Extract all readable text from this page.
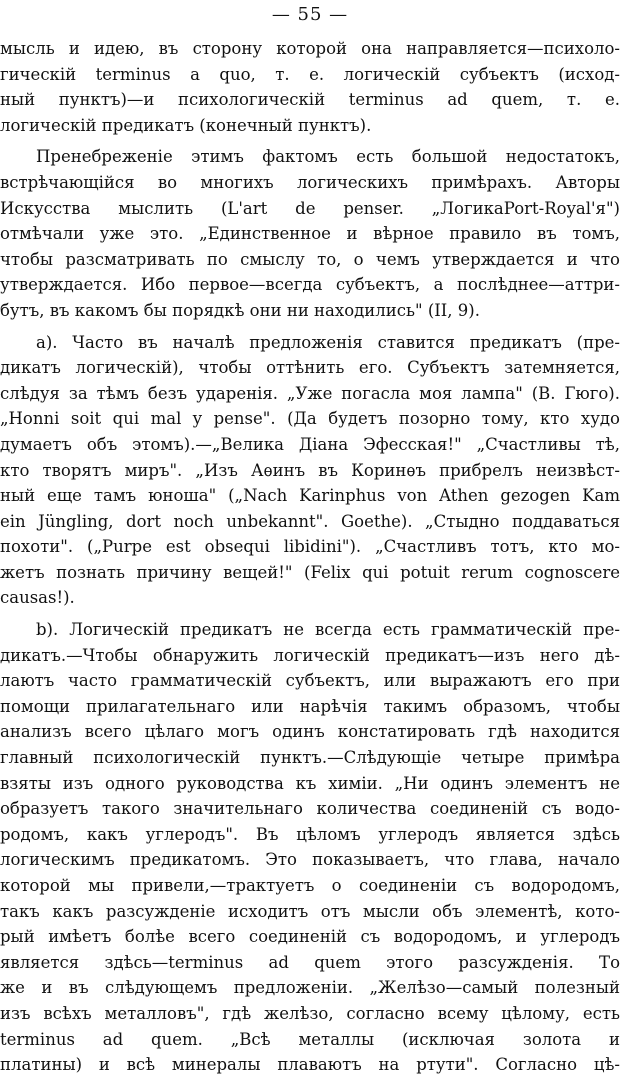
— 55 —
мысль и идею, въ сторону которой она направляется—психоло-
гическій terminus a quo, т. е. логическій субъектъ (исход-
ный пунктъ)—и психологическій terminus ad quem, т. е.
логическій предикатъ (конечный пунктъ).
Пренебреженіе этимъ фактомъ есть большой недостатокъ,
встрѣчающійся во многихъ логическихъ примѣрахъ. Авторы
Искусства мыслить (L'art de penser. „ЛогикаPort-Royal'я")
отмѣчали уже это. „Единственное и вѣрное правило въ томъ,
чтобы разсматривать по смыслу то, о чемъ утверждается и что
утверждается. Ибо первое—всегда субъектъ, а послѣднее—аттри-
бутъ, въ какомъ бы порядкѣ они ни находились" (II, 9).
a). Часто въ началѣ предложенія ставится предикатъ (пре-
дикатъ логическій), чтобы оттѣнить его. Субъектъ затемняется,
слѣдуя за тѣмъ безъ ударенія. „Уже погасла моя лампа" (В. Гюго).
„Honni soit qui mal y pense". (Да будетъ позорно тому, кто худо
думаетъ объ этомъ).—„Велика Діана Эфесская!" „Счастливы тѣ,
кто творятъ миръ". „Изъ Аѳинъ въ Коринѳъ прибрелъ неизвѣст-
ный еще тамъ юноша" („Nach Karinphus von Athen gezogen Kam
ein Jüngling, dort noch unbekannt". Goethe). „Стыдно поддаваться
похоти". („Purpe est obsequi libidini"). „Счастливъ тотъ, кто мо-
жетъ познать причину вещей!" (Felix qui potuit rerum cognoscere
causas!).
b). Логическій предикатъ не всегда есть грамматическій пре-
дикатъ.—Чтобы обнаружить логическій предикатъ—изъ него дѣ-
лаютъ часто грамматическій субъектъ, или выражаютъ его при
помощи прилагательнаго или нарѣчія такимъ образомъ, чтобы
анализъ всего цѣлаго могъ одинъ констатировать гдѣ находится
главный психологическій пунктъ.—Слѣдующіе четыре примѣра
взяты изъ одного руководства къ химіи. „Ни одинъ элементъ не
образуетъ такого значительнаго количества соединеній съ водо-
родомъ, какъ углеродъ". Въ цѣломъ углеродъ является здѣсь
логическимъ предикатомъ. Это показываетъ, что глава, начало
которой мы привели,—трактуетъ о соединеніи съ водородомъ,
такъ какъ разсужденіе исходитъ отъ мысли объ элементѣ, кото-
рый имѣетъ болѣе всего соединеній съ водородомъ, и углеродъ
является здѣсь—terminus ad quem этого разсужденія. То
же и въ слѣдующемъ предложеніи. „Желѣзо—самый полезный
изъ всѣхъ металловъ", гдѣ желѣзо, согласно всему цѣлому, есть
terminus ad quem. „Всѣ металлы (исключая золота и
платины) и всѣ минералы плаваютъ на ртути". Согласно цѣ-
